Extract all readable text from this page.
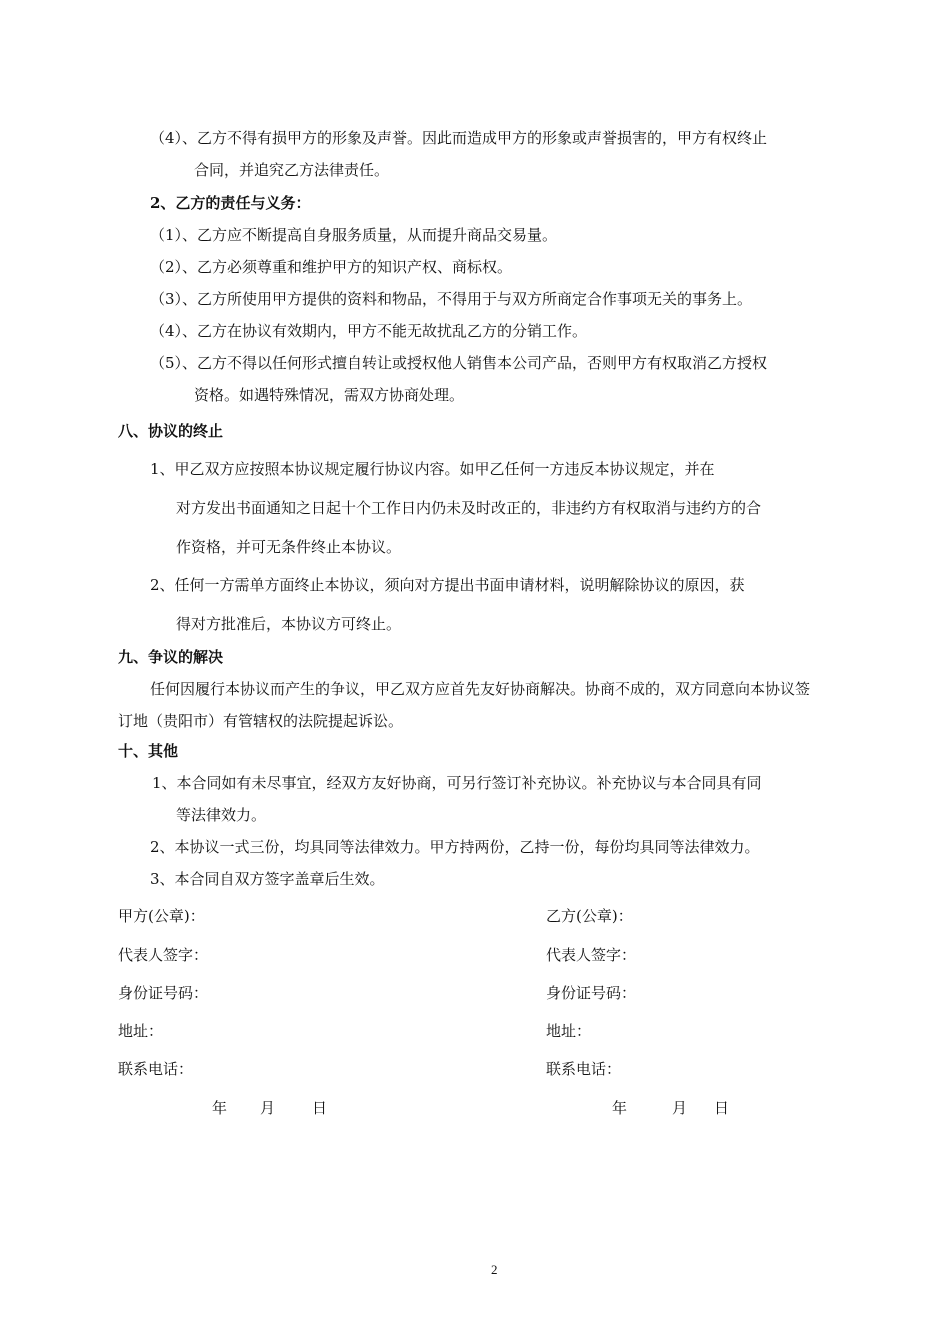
（4）、乙方不得有损甲方的形象及声誉。因此而造成甲方的形象或声誉损害的，甲方有权终止
合同，并追究乙方法律责任。
2、乙方的责任与义务：
（1）、乙方应不断提高自身服务质量，从而提升商品交易量。
（2）、乙方必须尊重和维护甲方的知识产权、商标权。
（3）、乙方所使用甲方提供的资料和物品，不得用于与双方所商定合作事项无关的事务上。
（4）、乙方在协议有效期内，甲方不能无故扰乱乙方的分销工作。
（5）、乙方不得以任何形式擅自转让或授权他人销售本公司产品，否则甲方有权取消乙方授权
资格。如遇特殊情况，需双方协商处理。
八、协议的终止
1、甲乙双方应按照本协议规定履行协议内容。如甲乙任何一方违反本协议规定，并在
对方发出书面通知之日起十个工作日内仍未及时改正的，非违约方有权取消与违约方的合
作资格，并可无条件终止本协议。
2、任何一方需单方面终止本协议，须向对方提出书面申请材料，说明解除协议的原因，获
得对方批准后，本协议方可终止。
九、争议的解决
任何因履行本协议而产生的争议，甲乙双方应首先友好协商解决。协商不成的，双方同意向本协议签
订地（贵阳市）有管辖权的法院提起诉讼。
十、其他
1、本合同如有未尽事宜，经双方友好协商，可另行签订补充协议。补充协议与本合同具有同
等法律效力。
2、本协议一式三份，均具同等法律效力。甲方持两份，乙持一份，每份均具同等法律效力。
3、本合同自双方签字盖章后生效。
甲方(公章)：
代表人签字：
身份证号码：
地址：
联系电话：
年 月 日
乙方(公章)：
代表人签字：
身份证号码：
地址：
联系电话：
年	月 日
2
